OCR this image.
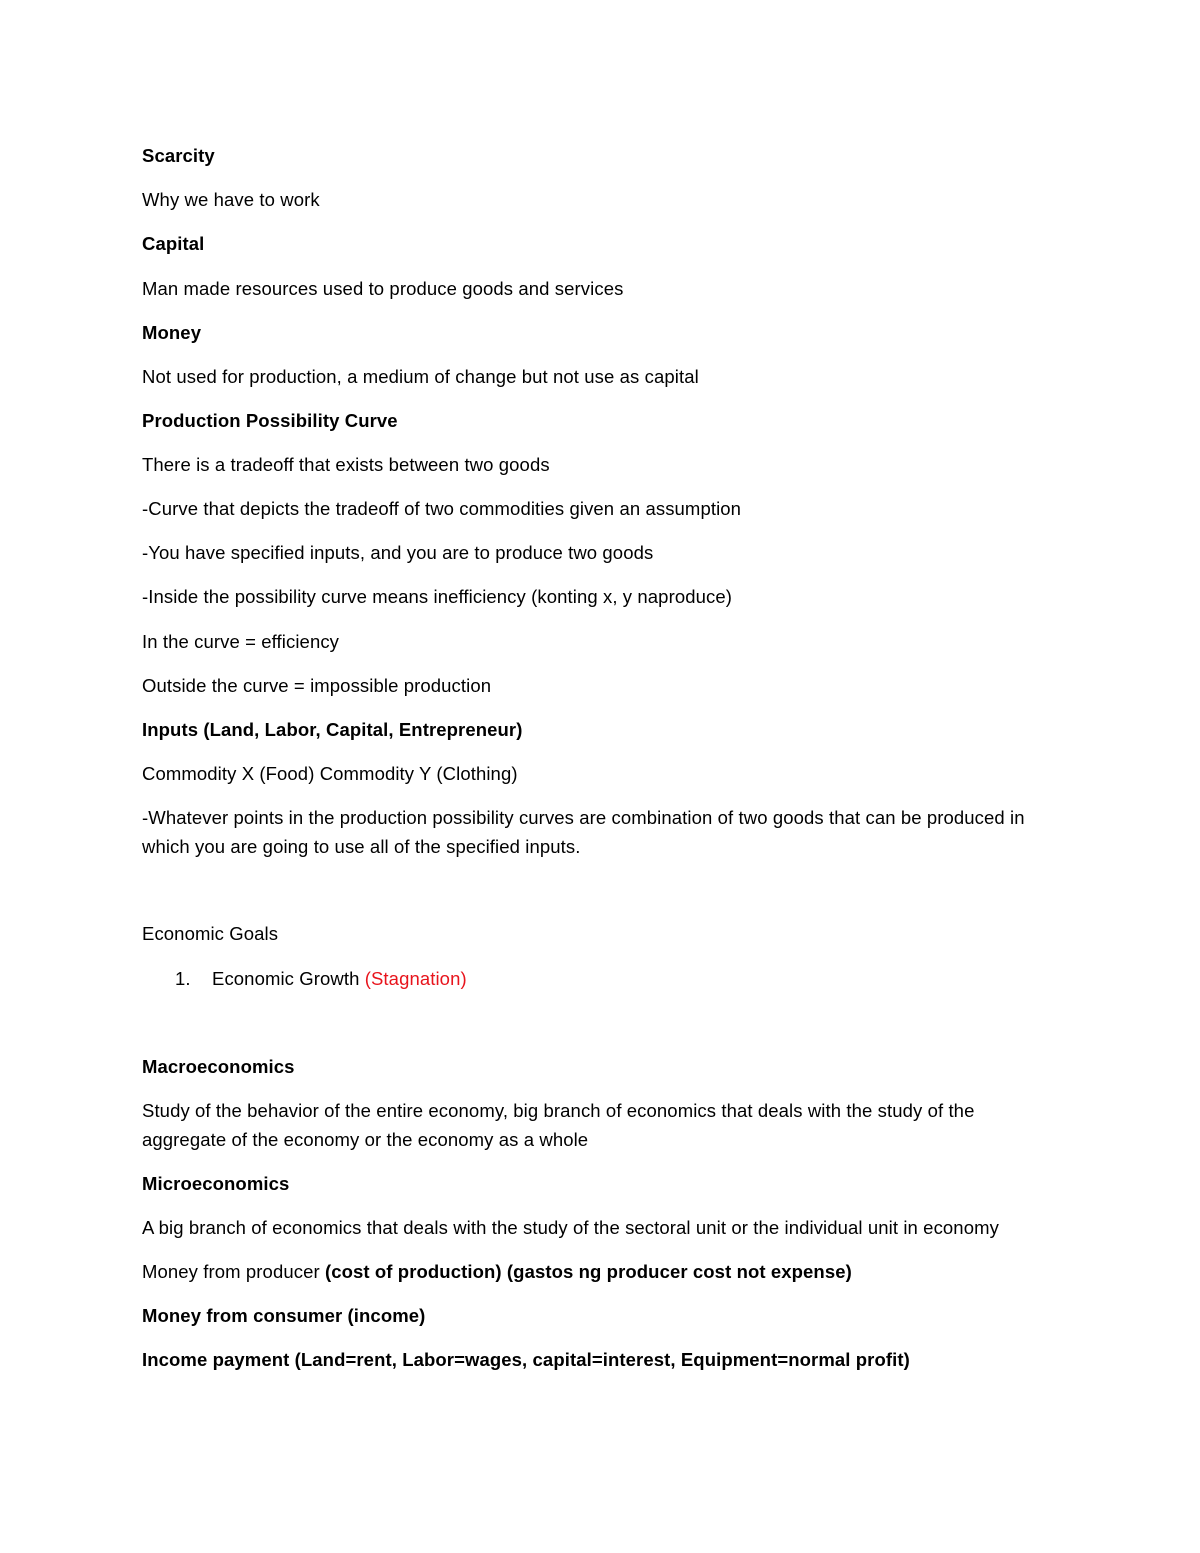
Scarcity
Why we have to work
Capital
Man made resources used to produce goods and services
Money
Not used for production, a medium of change but not use as capital
Production Possibility Curve
There is a tradeoff that exists between two goods
-Curve that depicts the tradeoff of two commodities given an assumption
-You have specified inputs, and you are to produce two goods
-Inside the possibility curve means inefficiency (konting x, y naproduce)
In the curve = efficiency
Outside the curve = impossible production
Inputs (Land, Labor, Capital, Entrepreneur)
Commodity X (Food) Commodity Y (Clothing)
-Whatever points in the production possibility curves are combination of two goods that can be produced in which you are going to use all of the specified inputs.
Economic Goals
1. Economic Growth (Stagnation)
Macroeconomics
Study of the behavior of the entire economy, big branch of economics that deals with the study of the aggregate of the economy or the economy as a whole
Microeconomics
A big branch of economics that deals with the study of the sectoral unit or the individual unit in economy
Money from producer (cost of production) (gastos ng producer cost not expense)
Money from consumer (income)
Income payment (Land=rent, Labor=wages, capital=interest, Equipment=normal profit)
